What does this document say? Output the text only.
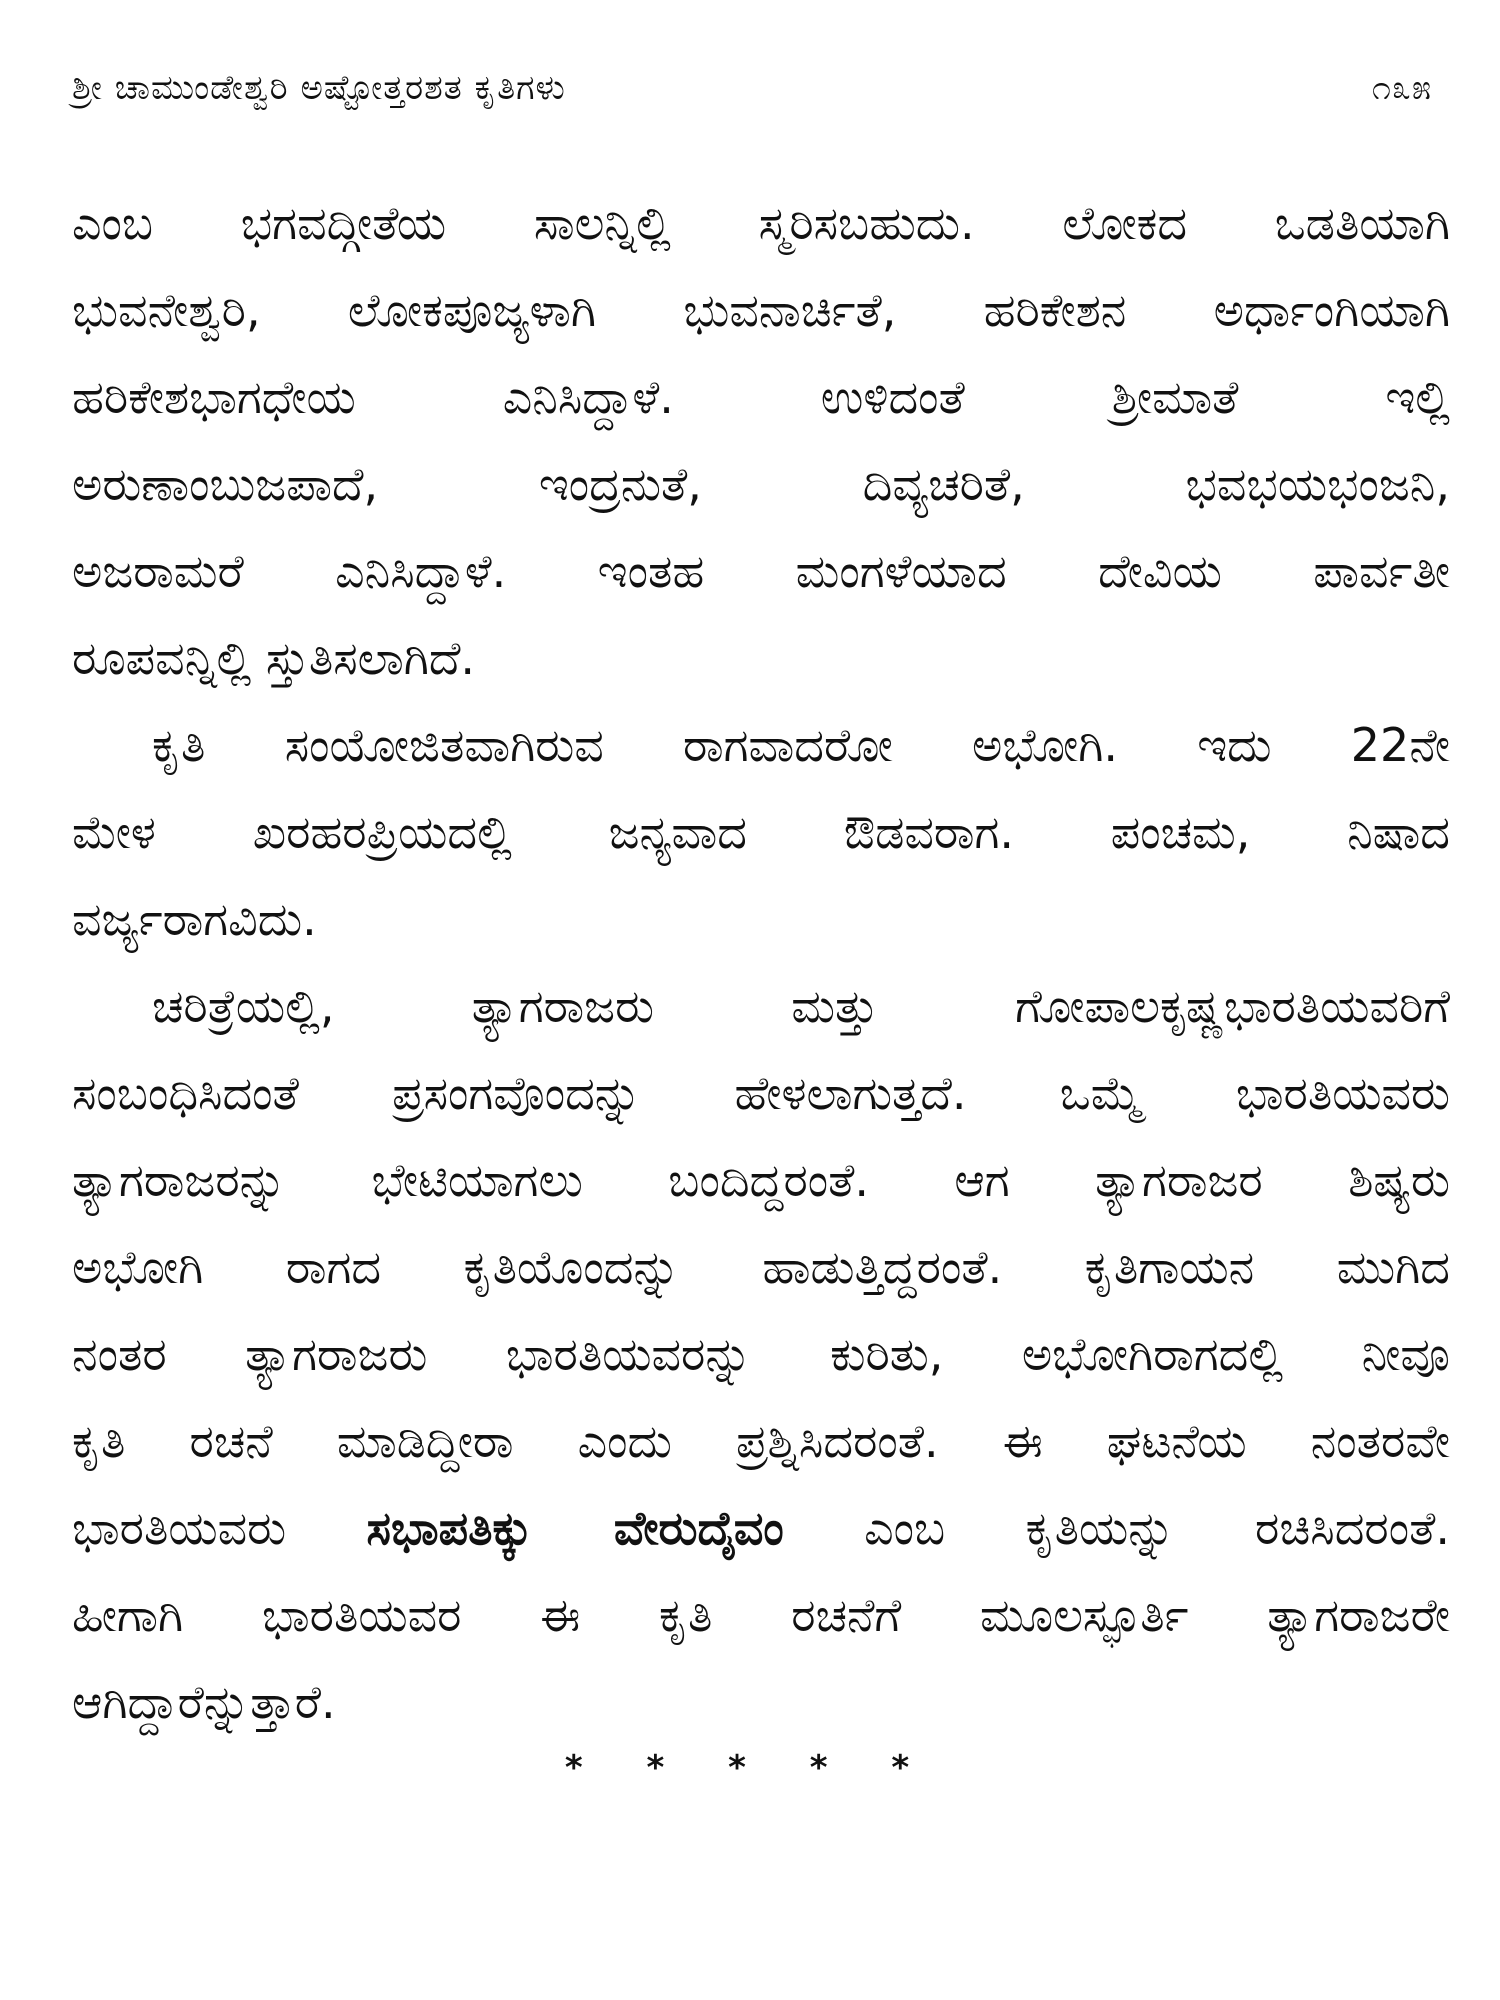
ಶ್ರೀ ಚಾಮುಂಡೇಶ್ವರಿ ಅಷ್ಟೋತ್ತರಶತ ಕೃತಿಗಳು	೧೩೫
ಎಂಬ ಭಗವದ್ಗೀತೆಯ ಸಾಲನ್ನಿಲ್ಲಿ ಸ್ಮರಿಸಬಹುದು. ಲೋಕದ ಒಡತಿಯಾಗಿ
ಭುವನೇಶ್ವರಿ, ಲೋಕಪೂಜ್ಯಳಾಗಿ ಭುವನಾರ್ಚಿತೆ, ಹರಿಕೇಶನ ಅರ್ಧಾಂಗಿಯಾಗಿ
ಹರಿಕೇಶಭಾಗಧೇಯ ಎನಿಸಿದ್ದಾಳೆ. ಉಳಿದಂತೆ ಶ್ರೀಮಾತೆ ಇಲ್ಲಿ
ಅರುಣಾಂಬುಜಪಾದೆ, ಇಂದ್ರನುತೆ, ದಿವ್ಯಚರಿತೆ, ಭವಭಯಭಂಜನಿ,
ಅಜರಾಮರೆ ಎನಿಸಿದ್ದಾಳೆ. ಇಂತಹ ಮಂಗಳೆಯಾದ ದೇವಿಯ ಪಾರ್ವತೀ
ರೂಪವನ್ನಿಲ್ಲಿ ಸ್ತುತಿಸಲಾಗಿದೆ.
ಕೃತಿ ಸಂಯೋಜಿತವಾಗಿರುವ ರಾಗವಾದರೋ ಅಭೋಗಿ. ಇದು 22ನೇ
ಮೇಳ ಖರಹರಪ್ರಿಯದಲ್ಲಿ ಜನ್ಯವಾದ ಔಡವರಾಗ. ಪಂಚಮ, ನಿಷಾದ
ವರ್ಜ್ಯರಾಗವಿದು.
ಚರಿತ್ರೆಯಲ್ಲಿ, ತ್ಯಾಗರಾಜರು ಮತ್ತು ಗೋಪಾಲಕೃಷ್ಣಭಾರತಿಯವರಿಗೆ
ಸಂಬಂಧಿಸಿದಂತೆ ಪ್ರಸಂಗವೊಂದನ್ನು ಹೇಳಲಾಗುತ್ತದೆ. ಒಮ್ಮೆ ಭಾರತಿಯವರು
ತ್ಯಾಗರಾಜರನ್ನು ಭೇಟಿಯಾಗಲು ಬಂದಿದ್ದರಂತೆ. ಆಗ ತ್ಯಾಗರಾಜರ ಶಿಷ್ಯರು
ಅಭೋಗಿ ರಾಗದ ಕೃತಿಯೊಂದನ್ನು ಹಾಡುತ್ತಿದ್ದರಂತೆ. ಕೃತಿಗಾಯನ ಮುಗಿದ
ನಂತರ ತ್ಯಾಗರಾಜರು ಭಾರತಿಯವರನ್ನು ಕುರಿತು, ಅಭೋಗಿರಾಗದಲ್ಲಿ ನೀವೂ
ಕೃತಿ ರಚನೆ ಮಾಡಿದ್ದೀರಾ ಎಂದು ಪ್ರಶ್ನಿಸಿದರಂತೆ. ಈ ಘಟನೆಯ ನಂತರವೇ
ಭಾರತಿಯವರು ಸಭಾಪತಿಕ್ಕು ವೇರುದೈವಂ ಎಂಬ ಕೃತಿಯನ್ನು ರಚಿಸಿದರಂತೆ.
ಹೀಗಾಗಿ ಭಾರತಿಯವರ ಈ ಕೃತಿ ರಚನೆಗೆ ಮೂಲಸ್ಫೂರ್ತಿ ತ್ಯಾಗರಾಜರೇ
ಆಗಿದ್ದಾರೆನ್ನುತ್ತಾರೆ.
* * * * *
